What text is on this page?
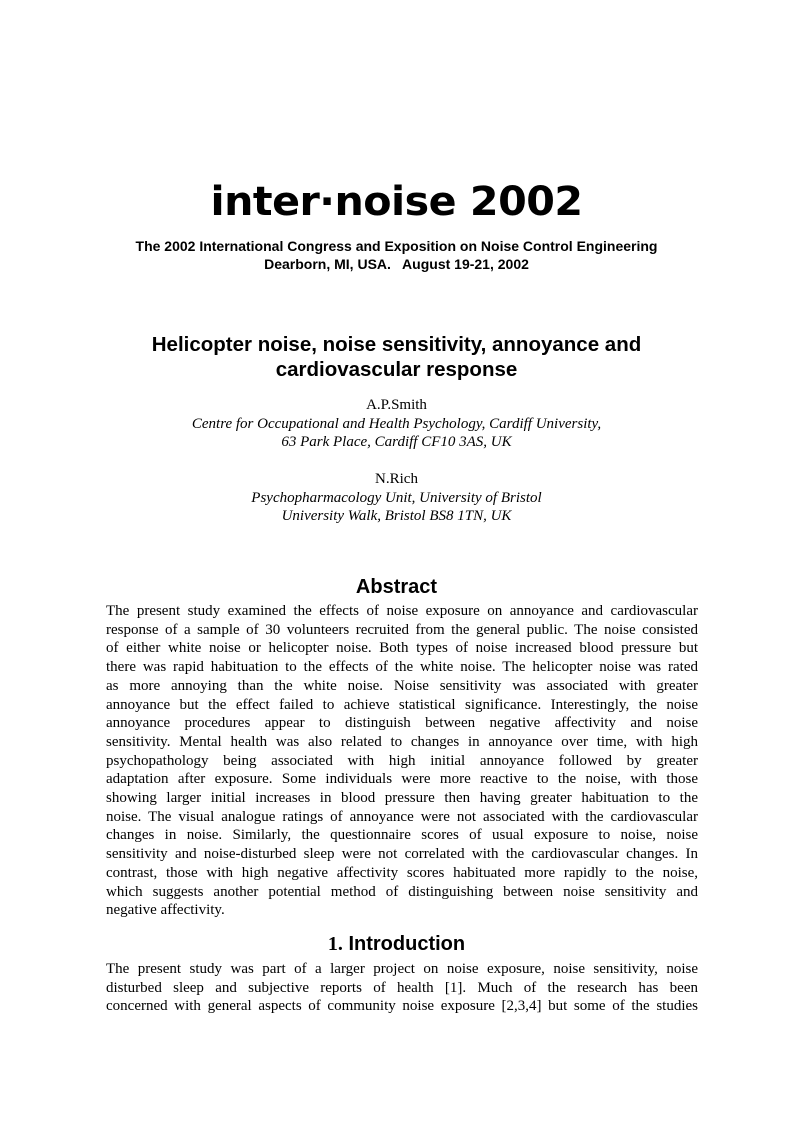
inter·noise 2002
The 2002 International Congress and Exposition on Noise Control Engineering
Dearborn, MI, USA.   August 19-21, 2002
Helicopter noise, noise sensitivity, annoyance and
cardiovascular response
A.P.Smith
Centre for Occupational and Health Psychology, Cardiff University,
63 Park Place, Cardiff CF10 3AS, UK
N.Rich
Psychopharmacology Unit, University of Bristol
University Walk, Bristol BS8 1TN, UK
Abstract
The present study examined the effects of noise exposure on annoyance and cardiovascular
response of a sample of 30 volunteers recruited from the general public. The noise consisted
of either white noise or helicopter noise. Both types of noise increased blood pressure but
there was rapid habituation to the effects of the white noise. The helicopter noise was rated
as more annoying than the white noise. Noise sensitivity was associated with greater
annoyance but the effect failed to achieve statistical significance. Interestingly, the noise
annoyance procedures appear to distinguish between negative affectivity and noise
sensitivity. Mental health was also related to changes in annoyance over time, with high
psychopathology being associated with high initial annoyance followed by greater
adaptation after exposure. Some individuals were more reactive to the noise, with those
showing larger initial increases in blood pressure then having greater habituation to the
noise. The visual analogue ratings of annoyance were not associated with the cardiovascular
changes in noise. Similarly, the questionnaire scores of usual exposure to noise, noise
sensitivity and noise-disturbed sleep were not correlated with the cardiovascular changes. In
contrast, those with high negative affectivity scores habituated more rapidly to the noise,
which suggests another potential method of distinguishing between noise sensitivity and
negative affectivity.
1. Introduction
The present study was part of a larger project on noise exposure, noise sensitivity, noise
disturbed sleep and subjective reports of health [1]. Much of the research has been
concerned with general aspects of community noise exposure [2,3,4] but some of the studies
